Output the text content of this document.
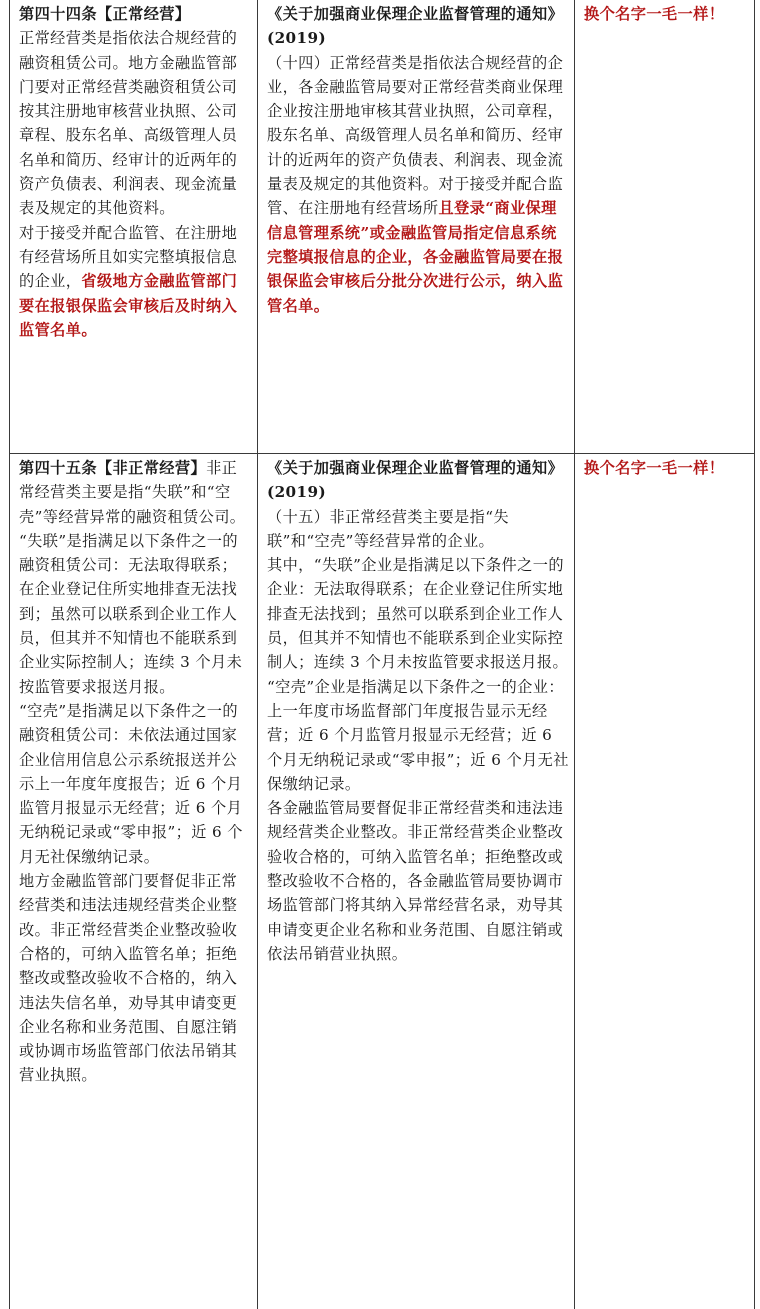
第四十四条【正常经营】

正常经营类是指依法合规经营的融资租赁公司。地方金融监管部门要对正常经营类融资租赁公司按其注册地审核营业执照、公司章程、股东名单、高级管理人员名单和简历、经审计的近两年的资产负债表、利润表、现金流量表及规定的其他资料。

对于接受并配合监管、在注册地有经营场所且如实完整填报信息的企业，省级地方金融监管部门要在报银保监会审核后及时纳入监管名单。

《关于加强商业保理企业监督管理的通知》(2019)

（十四）正常经营类是指依法合规经营的企业，各金融监管局要对正常经营类商业保理企业按注册地审核其营业执照，公司章程，股东名单、高级管理人员名单和简历、经审计的近两年的资产负债表、利润表、现金流量表及规定的其他资料。对于接受并配合监管、在注册地有经营场所且登录“商业保理信息管理系统”或金融监管局指定信息系统完整填报信息的企业，各金融监管局要在报银保监会审核后分批分次进行公示，纳入监管名单。

换个名字一毛一样！

第四十五条【非正常经营】非正常经营类主要是指“失联”和“空壳”等经营异常的融资租赁公司。

“失联”是指满足以下条件之一的融资租赁公司：无法取得联系；在企业登记住所实地排查无法找到；虽然可以联系到企业工作人员，但其并不知情也不能联系到企业实际控制人；连续 3 个月未按监管要求报送月报。

“空壳”是指满足以下条件之一的融资租赁公司：未依法通过国家企业信用信息公示系统报送并公示上一年度年度报告；近 6 个月监管月报显示无经营；近 6 个月无纳税记录或“零申报”；近 6 个月无社保缴纳记录。

地方金融监管部门要督促非正常经营类和违法违规经营类企业整改。非正常经营类企业整改验收合格的，可纳入监管名单；拒绝整改或整改验收不合格的，纳入违法失信名单，劝导其申请变更企业名称和业务范围、自愿注销或协调市场监管部门依法吊销其营业执照。

《关于加强商业保理企业监督管理的通知》(2019)

（十五）非正常经营类主要是指“失联”和“空壳”等经营异常的企业。

其中，“失联”企业是指满足以下条件之一的企业：无法取得联系；在企业登记住所实地排查无法找到；虽然可以联系到企业工作人员，但其并不知情也不能联系到企业实际控制人；连续 3 个月未按监管要求报送月报。

“空壳”企业是指满足以下条件之一的企业：上一年度市场监督部门年度报告显示无经营；近 6 个月监管月报显示无经营；近 6 个月无纳税记录或“零申报”；近 6 个月无社保缴纳记录。

各金融监管局要督促非正常经营类和违法违规经营类企业整改。非正常经营类企业整改验收合格的，可纳入监管名单；拒绝整改或整改验收不合格的，各金融监管局要协调市场监管部门将其纳入异常经营名录，劝导其申请变更企业名称和业务范围、自愿注销或依法吊销营业执照。

换个名字一毛一样！
